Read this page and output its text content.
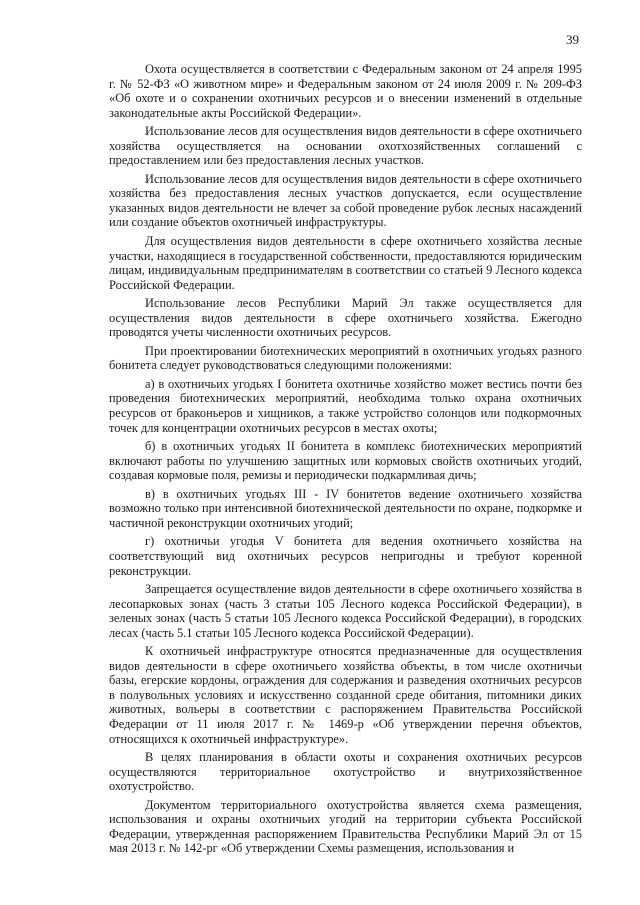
39

Охота осуществляется в соответствии с Федеральным законом от 24 апреля 1995 г. № 52-ФЗ «О животном мире» и Федеральным законом от 24 июля 2009 г. № 209-ФЗ «Об охоте и о сохранении охотничьих ресурсов и о внесении изменений в отдельные законодательные акты Российской Федерации».

Использование лесов для осуществления видов деятельности в сфере охотничьего хозяйства осуществляется на основании охотхозяйственных соглашений с предоставлением или без предоставления лесных участков.

Использование лесов для осуществления видов деятельности в сфере охотничьего хозяйства без предоставления лесных участков допускается, если осуществление указанных видов деятельности не влечет за собой проведение рубок лесных насаждений или создание объектов охотничьей инфраструктуры.

Для осуществления видов деятельности в сфере охотничьего хозяйства лесные участки, находящиеся в государственной собственности, предоставляются юридическим лицам, индивидуальным предпринимателям в соответствии со статьей 9 Лесного кодекса Российской Федерации.

Использование лесов Республики Марий Эл также осуществляется для осуществления видов деятельности в сфере охотничьего хозяйства. Ежегодно проводятся учеты численности охотничьих ресурсов.

При проектировании биотехнических мероприятий в охотничьих угодьях разного бонитета следует руководствоваться следующими положениями:

а) в охотничьих угодьях I бонитета охотничье хозяйство может вестись почти без проведения биотехнических мероприятий, необходима только охрана охотничьих ресурсов от браконьеров и хищников, а также устройство солонцов или подкормочных точек для концентрации охотничьих ресурсов в местах охоты;

б) в охотничьих угодьях II бонитета в комплекс биотехнических мероприятий включают работы по улучшению защитных или кормовых свойств охотничьих угодий, создавая кормовые поля, ремизы и периодически подкармливая дичь;

в) в охотничьих угодьях III - IV бонитетов ведение охотничьего хозяйства возможно только при интенсивной биотехнической деятельности по охране, подкормке и частичной реконструкции охотничьих угодий;

г) охотничьи угодья V бонитета для ведения охотничьего хозяйства на соответствующий вид охотничьих ресурсов непригодны и требуют коренной реконструкции.

Запрещается осуществление видов деятельности в сфере охотничьего хозяйства в лесопарковых зонах (часть 3 статьи 105 Лесного кодекса Российской Федерации), в зеленых зонах (часть 5 статьи 105 Лесного кодекса Российской Федерации), в городских лесах (часть 5.1 статьи 105 Лесного кодекса Российской Федерации).

К охотничьей инфраструктуре относятся предназначенные для осуществления видов деятельности в сфере охотничьего хозяйства объекты, в том числе охотничьи базы, егерские кордоны, ограждения для содержания и разведения охотничьих ресурсов в полувольных условиях и искусственно созданной среде обитания, питомники диких животных, вольеры в соответствии с распоряжением Правительства Российской Федерации от 11 июля 2017 г. № 1469-р «Об утверждении перечня объектов, относящихся к охотничьей инфраструктуре».

В целях планирования в области охоты и сохранения охотничьих ресурсов осуществляются территориальное охотустройство и внутрихозяйственное охотустройство.

Документом территориального охотустройства является схема размещения, использования и охраны охотничьих угодий на территории субъекта Российской Федерации, утвержденная распоряжением Правительства Республики Марий Эл от 15 мая 2013 г. № 142-рг «Об утверждении Схемы размещения, использования и
